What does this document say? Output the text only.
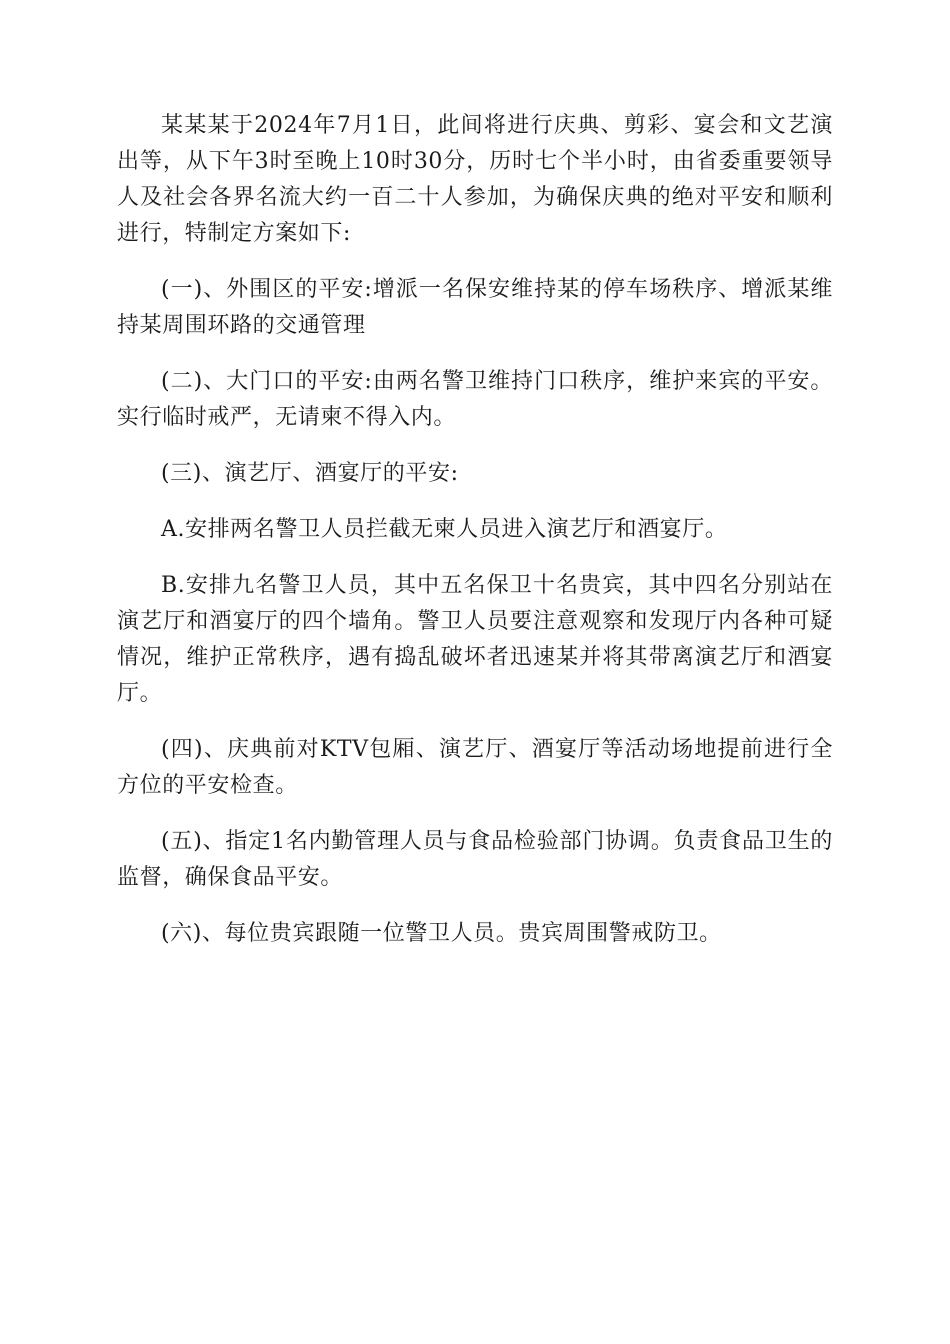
某某某于2024年7月1日，此间将进行庆典、剪彩、宴会和文艺演出等，从下午3时至晚上10时30分，历时七个半小时，由省委重要领导人及社会各界名流大约一百二十人参加，为确保庆典的绝对平安和顺利进行，特制定方案如下:

(一)、外围区的平安:增派一名保安维持某的停车场秩序、增派某维持某周围环路的交通管理

(二)、大门口的平安:由两名警卫维持门口秩序，维护来宾的平安。实行临时戒严，无请柬不得入内。

(三)、演艺厅、酒宴厅的平安:

A.安排两名警卫人员拦截无柬人员进入演艺厅和酒宴厅。

B.安排九名警卫人员，其中五名保卫十名贵宾，其中四名分别站在演艺厅和酒宴厅的四个墙角。警卫人员要注意观察和发现厅内各种可疑情况，维护正常秩序，遇有捣乱破坏者迅速某并将其带离演艺厅和酒宴厅。

(四)、庆典前对KTV包厢、演艺厅、酒宴厅等活动场地提前进行全方位的平安检查。

(五)、指定1名内勤管理人员与食品检验部门协调。负责食品卫生的监督，确保食品平安。

(六)、每位贵宾跟随一位警卫人员。贵宾周围警戒防卫。
